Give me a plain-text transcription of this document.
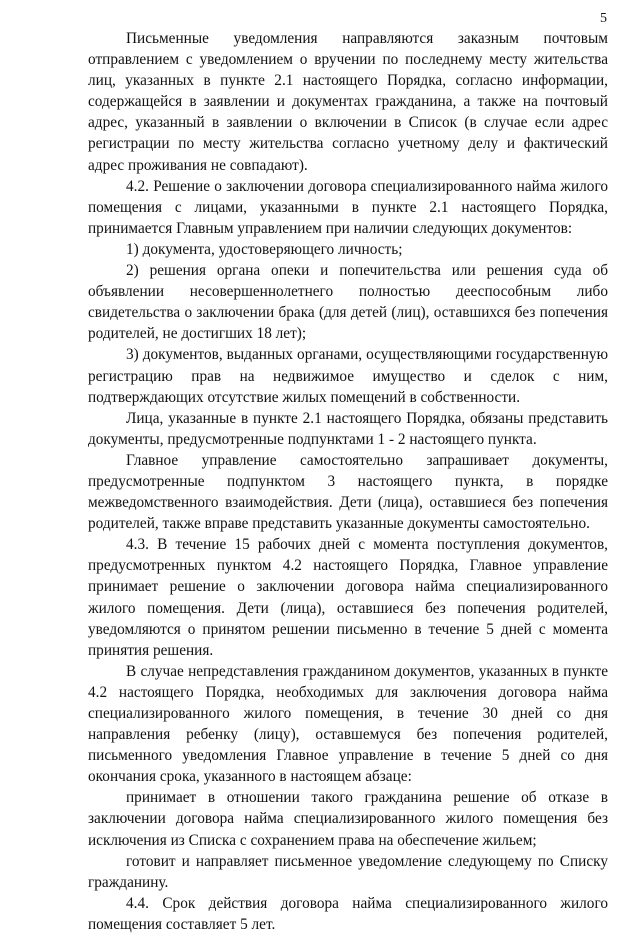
5

Письменные уведомления направляются заказным почтовым отправлением с уведомлением о вручении по последнему месту жительства лиц, указанных в пункте 2.1 настоящего Порядка, согласно информации, содержащейся в заявлении и документах гражданина, а также на почтовый адрес, указанный в заявлении о включении в Список (в случае если адрес регистрации по месту жительства согласно учетному делу и фактический адрес проживания не совпадают).

4.2. Решение о заключении договора специализированного найма жилого помещения с лицами, указанными в пункте 2.1 настоящего Порядка, принимается Главным управлением при наличии следующих документов:

1) документа, удостоверяющего личность;

2) решения органа опеки и попечительства или решения суда об объявлении несовершеннолетнего полностью дееспособным либо свидетельства о заключении брака (для детей (лиц), оставшихся без попечения родителей, не достигших 18 лет);

3) документов, выданных органами, осуществляющими государственную регистрацию прав на недвижимое имущество и сделок с ним, подтверждающих отсутствие жилых помещений в собственности.

Лица, указанные в пункте 2.1 настоящего Порядка, обязаны представить документы, предусмотренные подпунктами 1 - 2 настоящего пункта.

Главное управление самостоятельно запрашивает документы, предусмотренные подпунктом 3 настоящего пункта, в порядке межведомственного взаимодействия. Дети (лица), оставшиеся без попечения родителей, также вправе представить указанные документы самостоятельно.

4.3. В течение 15 рабочих дней с момента поступления документов, предусмотренных пунктом 4.2 настоящего Порядка, Главное управление принимает решение о заключении договора найма специализированного жилого помещения. Дети (лица), оставшиеся без попечения родителей, уведомляются о принятом решении письменно в течение 5 дней с момента принятия решения.

В случае непредставления гражданином документов, указанных в пункте 4.2 настоящего Порядка, необходимых для заключения договора найма специализированного жилого помещения, в течение 30 дней со дня направления ребенку (лицу), оставшемуся без попечения родителей, письменного уведомления Главное управление в течение 5 дней со дня окончания срока, указанного в настоящем абзаце:

принимает в отношении такого гражданина решение об отказе в заключении договора найма специализированного жилого помещения без исключения из Списка с сохранением права на обеспечение жильем;

готовит и направляет письменное уведомление следующему по Списку гражданину.

4.4. Срок действия договора найма специализированного жилого помещения составляет 5 лет.
